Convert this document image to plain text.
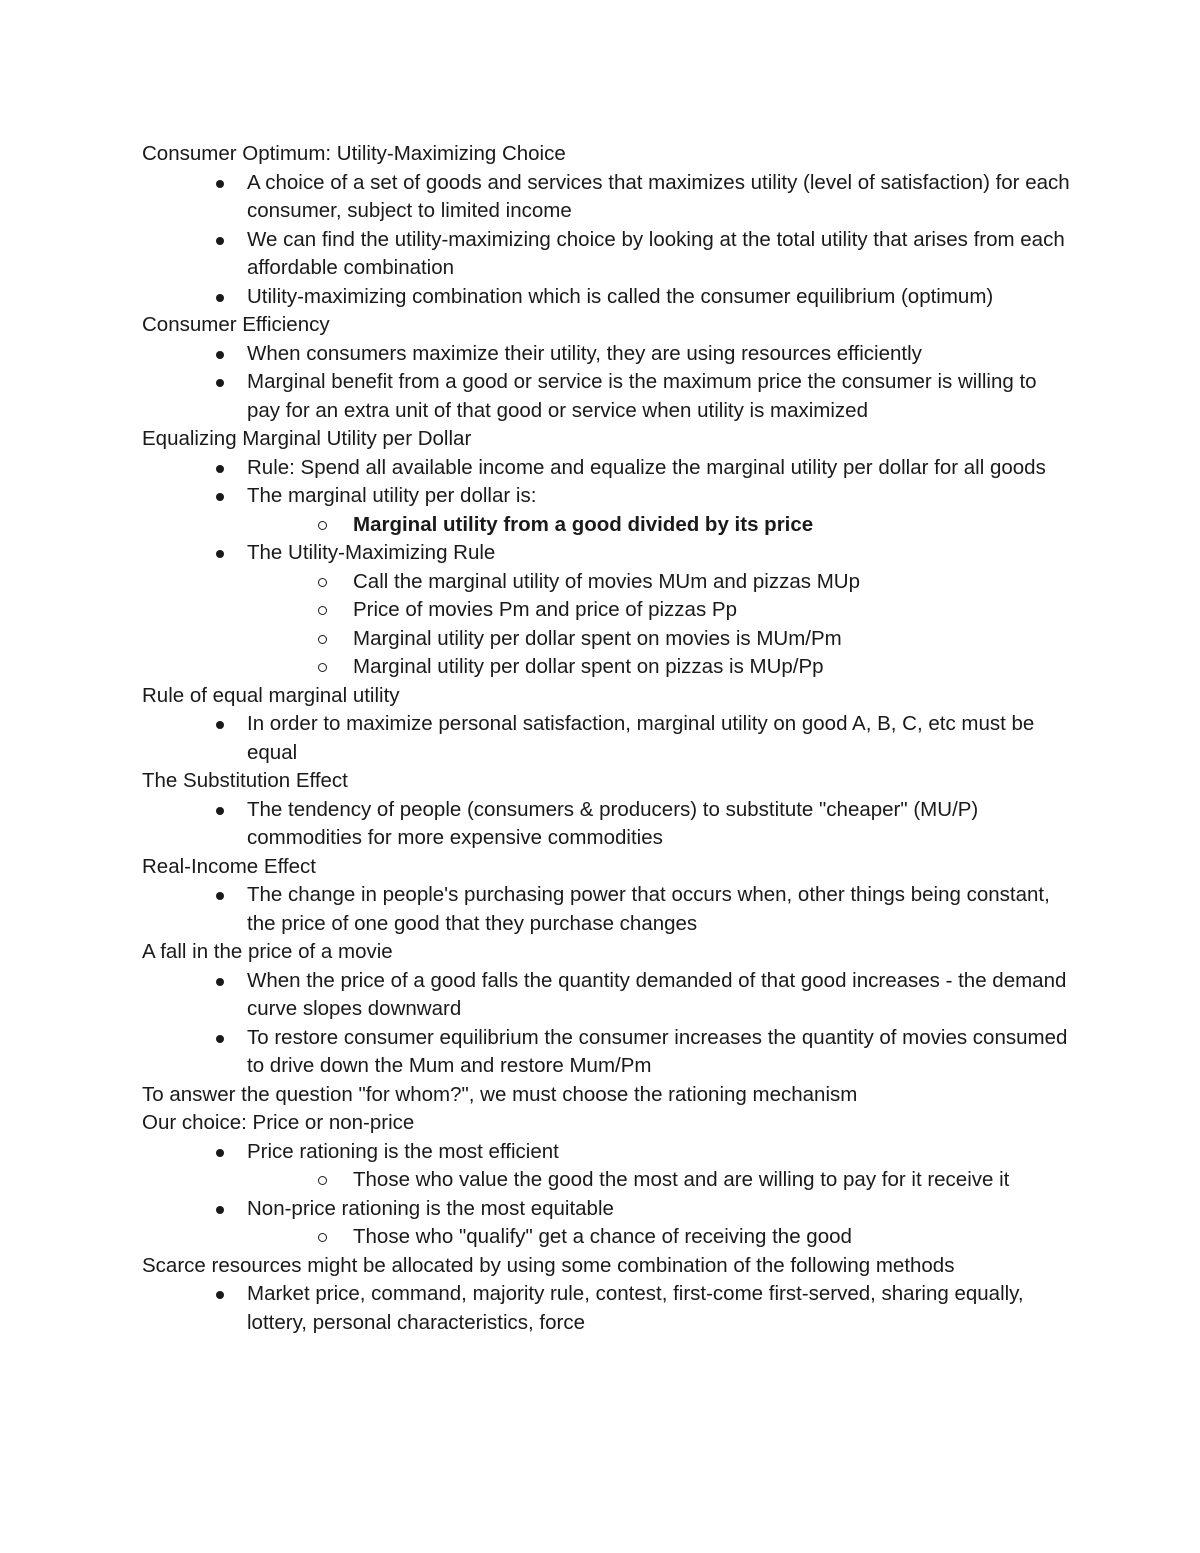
Consumer Optimum: Utility-Maximizing Choice
A choice of a set of goods and services that maximizes utility (level of satisfaction) for each consumer, subject to limited income
We can find the utility-maximizing choice by looking at the total utility that arises from each affordable combination
Utility-maximizing combination which is called the consumer equilibrium (optimum)
Consumer Efficiency
When consumers maximize their utility, they are using resources efficiently
Marginal benefit from a good or service is the maximum price the consumer is willing to pay for an extra unit of that good or service when utility is maximized
Equalizing Marginal Utility per Dollar
Rule: Spend all available income and equalize the marginal utility per dollar for all goods
The marginal utility per dollar is:
Marginal utility from a good divided by its price
The Utility-Maximizing Rule
Call the marginal utility of movies MUm and pizzas MUp
Price of movies Pm and price of pizzas Pp
Marginal utility per dollar spent on movies is MUm/Pm
Marginal utility per dollar spent on pizzas is MUp/Pp
Rule of equal marginal utility
In order to maximize personal satisfaction, marginal utility on good A, B, C, etc must be equal
The Substitution Effect
The tendency of people (consumers & producers) to substitute "cheaper" (MU/P) commodities for more expensive commodities
Real-Income Effect
The change in people's purchasing power that occurs when, other things being constant, the price of one good that they purchase changes
A fall in the price of a movie
When the price of a good falls the quantity demanded of that good increases - the demand curve slopes downward
To restore consumer equilibrium the consumer increases the quantity of movies consumed to drive down the Mum and restore Mum/Pm
To answer the question "for whom?", we must choose the rationing mechanism
Our choice: Price or non-price
Price rationing is the most efficient
Those who value the good the most and are willing to pay for it receive it
Non-price rationing is the most equitable
Those who "qualify" get a chance of receiving the good
Scarce resources might be allocated by using some combination of the following methods
Market price, command, majority rule, contest, first-come first-served, sharing equally, lottery, personal characteristics, force
